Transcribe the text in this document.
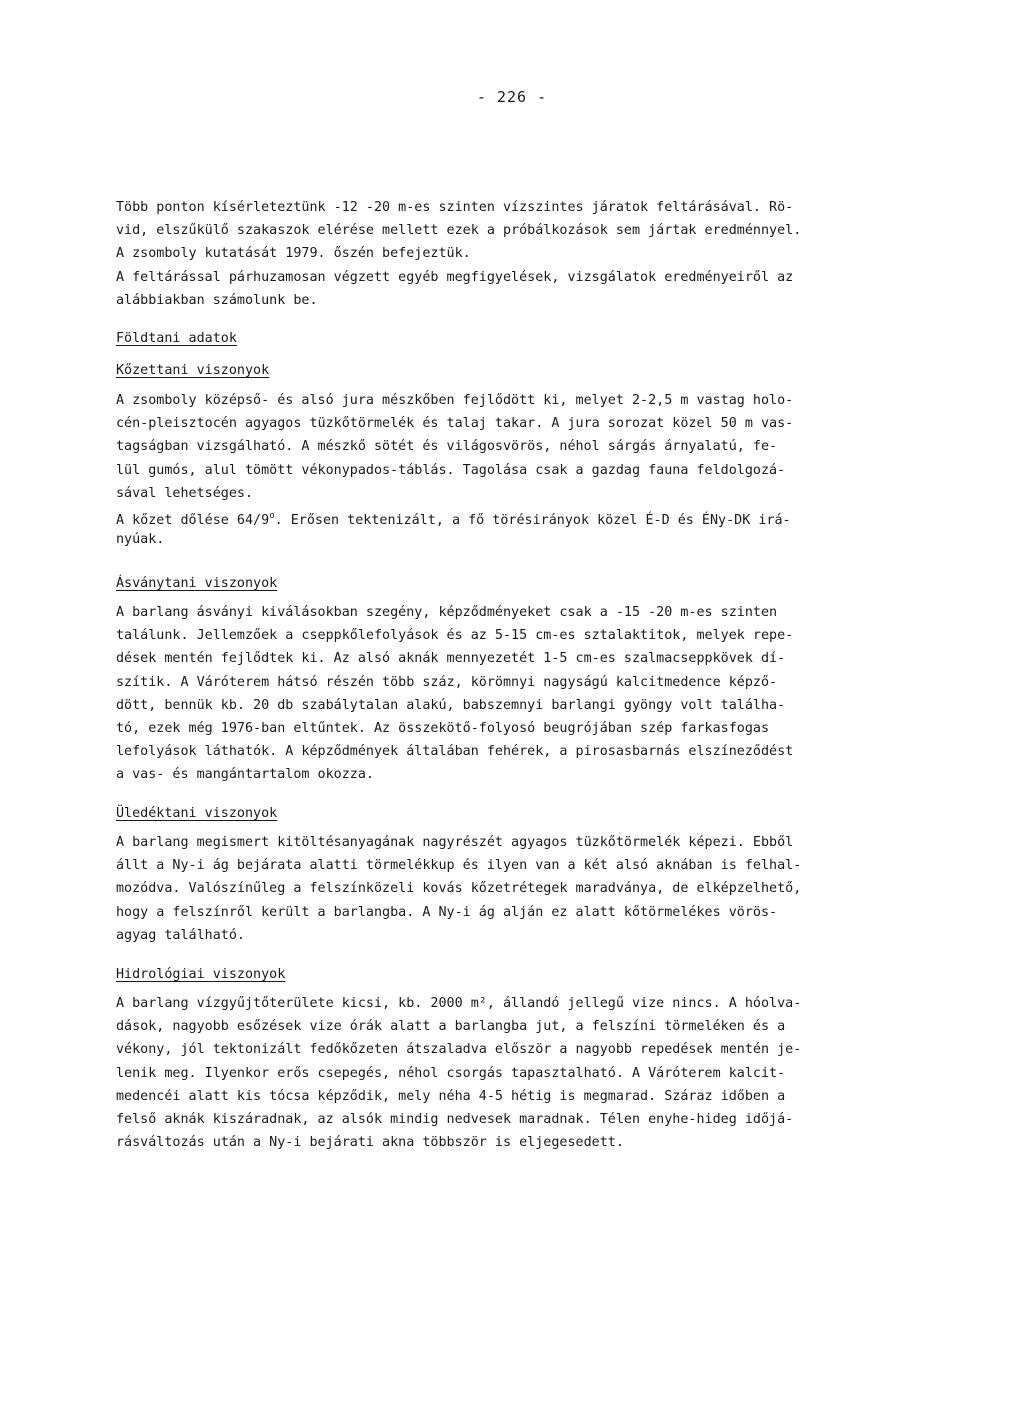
- 226 -
Több ponton kísérleteztünk -12 -20 m-es szinten vízszintes járatok feltárásával. Rö-
vid, elszűkülő szakaszok elérése mellett ezek a próbálkozások sem jártak eredménnyel.
A zsomboly kutatását 1979. őszén befejeztük.
A feltárással párhuzamosan végzett egyéb megfigyelések, vizsgálatok eredményeiről az
alábbiakban számolunk be.
Földtani adatok
Kőzettani viszonyok
A zsomboly középső- és alsó jura mészkőben fejlődött ki, melyet 2-2,5 m vastag holo-
cén-pleisztocén agyagos tüzkőtörmelék és talaj takar. A jura sorozat közel 50 m vas-
tagságban vizsgálható. A mészkő sötét és világosvörös, néhol sárgás árnyalatú, fe-
lül gumós, alul tömött vékonypados-táblás. Tagolása csak a gazdag fauna feldolgozá-
sával lehetséges.
A kőzet dőlése 64/9$^o$. Erősen tektenizált, a fő törésirányok közel É-D és ÉNy-DK irá-
nyúak.
Ásványtani viszonyok
A barlang ásványi kiválásokban szegény, képződményeket csak a -15 -20 m-es szinten
találunk. Jellemzőek a cseppkőlefolyások és az 5-15 cm-es sztalaktitok, melyek repe-
dések mentén fejlődtek ki. Az alsó aknák mennyezetét 1-5 cm-es szalmacseppkövek dí-
szítik. A Váróterem hátsó részén több száz, körömnyi nagyságú kalcitmedence képző-
dött, bennük kb. 20 db szabálytalan alakú, babszemnyi barlangi gyöngy volt találha-
tó, ezek még 1976-ban eltűntek. Az összekötő-folyosó beugrójában szép farkasfogas
lefolyások láthatók. A képződmények általában fehérek, a pirosasbarnás elszíneződést
a vas- és mangántartalom okozza.
Üledéktani viszonyok
A barlang megismert kitöltésanyagának nagyrészét agyagos tüzkőtörmelék képezi. Ebből
állt a Ny-i ág bejárata alatti törmelékkup és ilyen van a két alsó aknában is felhal-
mozódva. Valószínűleg a felszínközeli kovás kőzetrétegek maradványa, de elképzelhető,
hogy a felszínről került a barlangba. A Ny-i ág alján ez alatt kőtörmelékes vörös-
agyag található.
Hidrológiai viszonyok
A barlang vízgyűjtőterülete kicsi, kb. 2000 m², állandó jellegű vize nincs. A hóolva-
dások, nagyobb esőzések vize órák alatt a barlangba jut, a felszíni törmeléken és a
vékony, jól tektonizált fedőkőzeten átszaladva először a nagyobb repedések mentén je-
lenik meg. Ilyenkor erős csepegés, néhol csorgás tapasztalható. A Váróterem kalcit-
medencéi alatt kis tócsa képződik, mely néha 4-5 hétig is megmarad. Száraz időben a
felső aknák kiszáradnak, az alsók mindig nedvesek maradnak. Télen enyhe-hideg időjá-
rásváltozás után a Ny-i bejárati akna többször is eljegesedett.
